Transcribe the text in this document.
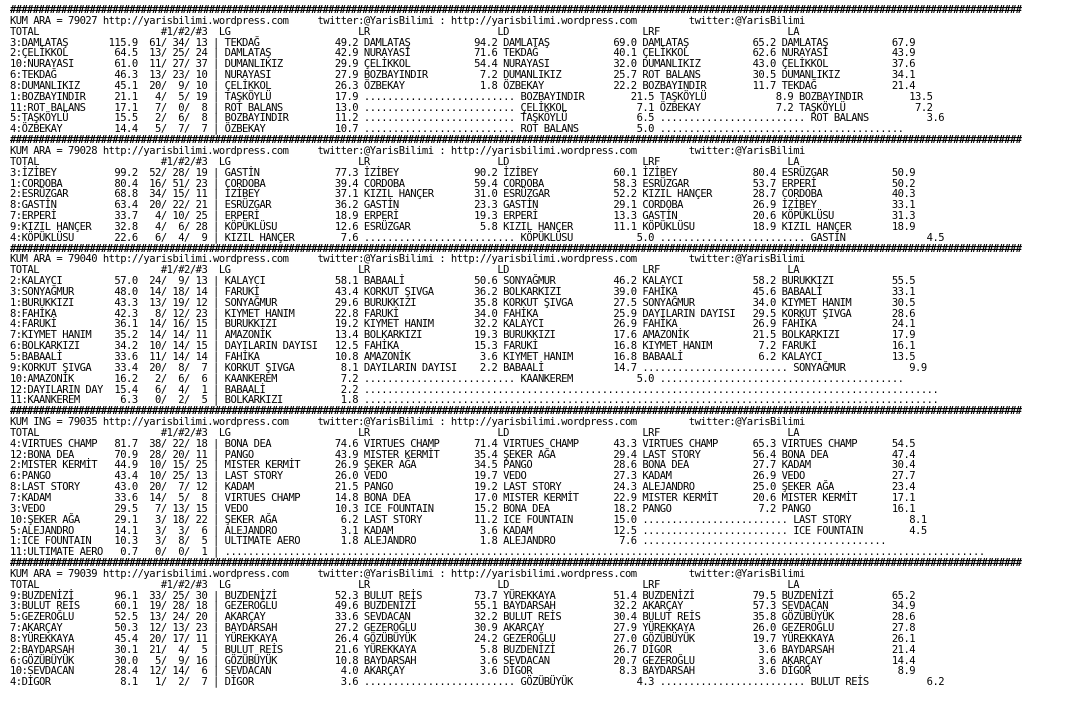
##################################################################################################################################################################################
KUM ARA = 79027 http://yarisbilimi.wordpress.com     twitter:@YarisBilimi : http://yarisbilimi.wordpress.com         twitter:@YarisBilimi
TOTAL                     #1/#2/#3  LG                      LR                      LD                       LRF                      LA
3:DAMLATAŞ       115.9  61/ 34/ 13 | TEKDAĞ             49.2 DAMLATAŞ           94.2 DAMLATAŞ           69.0 DAMLATAŞ           65.2 DAMLATAŞ           67.9
2:ÇELİKKOL        64.5  13/ 25/ 24 | DAMLATAŞ           42.9 NURAYASI           71.6 TEKDAĞ             40.1 ÇELİKKOL           62.6 NURAYASI           43.9
10:NURAYASI       61.0  11/ 27/ 37 | DUMANLIKIZ         29.9 ÇELİKKOL           54.4 NURAYASI           32.0 DUMANLIKIZ         43.0 ÇELİKKOL           37.6
6:TEKDAĞ          46.3  13/ 23/ 10 | NURAYASI           27.9 BOZBAYINDIR         7.2 DUMANLIKIZ         25.7 ROT BALANS         30.5 DUMANLIKIZ         34.1
8:DUMANLIKIZ      45.1  20/  9/ 10 | ÇELİKKOL           26.3 ÖZBEKAY             1.8 ÖZBEKAY            22.2 BOZBAYINDIR        11.7 TEKDAĞ             21.4
1:BOZBAYINDIR     21.1   4/  5/ 19 | TAŞKÖYLÜ           17.9 .......................... BOZBAYINDIR        21.5 TAŞKÖYLÜ            8.9 BOZBAYINDIR        13.5
11:ROT BALANS     17.1   7/  0/  8 | ROT BALANS         13.0 .......................... ÇELİKKOL            7.1 ÖZBEKAY             7.2 TAŞKÖYLÜ            7.2
5:TAŞKÖYLÜ        15.5   2/  6/  8 | BOZBAYINDIR        11.2 .......................... TAŞKÖYLÜ            6.5 ......................... ROT BALANS          3.6
4:ÖZBEKAY         14.4   5/  7/  7 | ÖZBEKAY            10.7 .......................... ROT BALANS          5.0 ..........................................
##################################################################################################################################################################################
KUM ARA = 79028 http://yarisbilimi.wordpress.com     twitter:@YarisBilimi : http://yarisbilimi.wordpress.com         twitter:@YarisBilimi
TOTAL                     #1/#2/#3  LG                      LR                      LD                       LRF                      LA
3:İZİBEY          99.2  52/ 28/ 19 | GASTİN             77.3 İZİBEY             90.2 İZİBEY             60.1 İZİBEY             80.4 ESRÜZGAR           50.9
1:CORDOBA         80.4  16/ 51/ 23 | CORDOBA            39.4 CORDOBA            59.4 CORDOBA            58.3 ESRÜZGAR           53.7 ERPERİ             50.2
2:ESRÜZGAR        68.8  34/ 15/ 11 | İZİBEY             37.1 KIZIL HANÇER       31.0 ESRÜZGAR           52.2 KIZIL HANÇER       28.7 CORDOBA            40.3
8:GASTİN          63.4  20/ 22/ 21 | ESRÜZGAR           36.2 GASTİN             23.3 GASTİN             29.1 CORDOBA            26.9 İZİBEY             33.1
7:ERPERİ          33.7   4/ 10/ 25 | ERPERİ             18.9 ERPERİ             19.3 ERPERİ             13.3 GASTİN             20.6 KÖPÜKLÜSU          31.3
9:KIZIL HANÇER    32.8   4/  6/ 28 | KÖPÜKLÜSU          12.6 ESRÜZGAR            5.8 KIZIL HANÇER       11.1 KÖPÜKLÜSU          18.9 KIZIL HANÇER       18.9
4:KÖPÜKLÜSU       22.6   6/  4/  9 | KIZIL HANÇER        7.6 .......................... KÖPÜKLÜSU           5.0 ......................... GASTİN              4.5
##################################################################################################################################################################################
KUM ARA = 79040 http://yarisbilimi.wordpress.com     twitter:@YarisBilimi : http://yarisbilimi.wordpress.com         twitter:@YarisBilimi
TOTAL                     #1/#2/#3  LG                      LR                      LD                       LRF                      LA
2:KALAYCI         57.0  24/  9/ 13 | KALAYCI            58.1 BABAALİ            50.6 SONYAĞMUR          46.2 KALAYCI            58.2 BURUKKIZI          55.5
3:SONYAĞMUR       48.0  14/ 18/ 14 | FARUKİ             43.4 KORKUT ŞIVGA       36.2 BOLKARKIZI         39.0 FAHİKA             45.6 BABAALİ            33.1
1:BURUKKIZI       43.3  13/ 19/ 12 | SONYAĞMUR          29.6 BURUKKIZI          35.8 KORKUT ŞIVGA       27.5 SONYAĞMUR          34.0 KIYMET HANIM       30.5
8:FAHİKA          42.3   8/ 12/ 23 | KIYMET HANIM       22.8 FARUKİ             34.0 FAHİKA             25.9 DAYILARIN DAYISI   29.5 KORKUT ŞIVGA       28.6
4:FARUKİ          36.1  14/ 16/ 15 | BURUKKIZI          19.2 KIYMET HANIM       32.2 KALAYCI            26.9 FAHİKA             26.9 FAHİKA             24.1
7:KIYMET HANIM    35.2  14/ 14/ 11 | AMAZONİK           13.4 BOLKARKIZI         19.3 BURUKKIZI          17.6 AMAZONİK           21.5 BOLKARKIZI         17.9
6:BOLKARKIZI      34.2  10/ 14/ 15 | DAYILARIN DAYISI   12.5 FAHİKA             15.3 FARUKİ             16.8 KIYMET HANIM        7.2 FARUKİ             16.1
5:BABAALİ         33.6  11/ 14/ 14 | FAHİKA             10.8 AMAZONİK            3.6 KIYMET HANIM       16.8 BABAALİ             6.2 KALAYCI            13.5
9:KORKUT ŞIVGA    33.4  20/  8/  7 | KORKUT ŞIVGA        8.1 DAYILARIN DAYISI    2.2 BABAALİ            14.7 ......................... SONYAĞMUR           9.9
10:AMAZONİK       16.2   2/  6/  6 | KAANKEREM           7.2 .......................... KAANKEREM           5.0 ..........................................
12:DAYILARIN DAY  15.4   6/  4/  1 | BABAALİ             2.2 ...................................................................................................
11:KAANKEREM       6.3   0/  2/  5 | BOLKARKIZI          1.8 ...................................................................................................
##################################################################################################################################################################################
KUM ING = 79035 http://yarisbilimi.wordpress.com     twitter:@YarisBilimi : http://yarisbilimi.wordpress.com         twitter:@YarisBilimi
TOTAL                     #1/#2/#3  LG                      LR                      LD                       LRF                      LA
4:VIRTUES CHAMP   81.7  38/ 22/ 18 | BONA DEA           74.6 VIRTUES CHAMP      71.4 VIRTUES CHAMP      43.3 VIRTUES CHAMP      65.3 VIRTUES CHAMP      54.5
12:BONA DEA       70.9  28/ 20/ 11 | PANGO              43.9 MISTER KERMİT      35.4 ŞEKER AĞA          29.4 LAST STORY         56.4 BONA DEA           47.4
2:MISTER KERMİT   44.9  10/ 15/ 25 | MISTER KERMİT      26.9 ŞEKER AĞA          34.5 PANGO              28.6 BONA DEA           27.7 KADAM              30.4
6:PANGO           43.4  10/ 25/ 13 | LAST STORY         26.0 VEDO               19.7 VEDO               27.3 KADAM              26.9 VEDO               27.7
8:LAST STORY      43.0  20/  7/ 12 | KADAM              21.5 PANGO              19.2 LAST STORY         24.3 ALEJANDRO          25.0 ŞEKER AĞA          23.4
7:KADAM           33.6  14/  5/  8 | VIRTUES CHAMP      14.8 BONA DEA           17.0 MISTER KERMİT      22.9 MISTER KERMİT      20.6 MISTER KERMİT      17.1
3:VEDO            29.5   7/ 13/ 15 | VEDO               10.3 ICE FOUNTAIN       15.2 BONA DEA           18.2 PANGO               7.2 PANGO              16.1
10:ŞEKER AĞA      29.1   3/ 18/ 22 | ŞEKER AĞA           6.2 LAST STORY         11.2 ICE FOUNTAIN       15.0 ......................... LAST STORY          8.1
5:ALEJANDRO       14.1   3/  3/  6 | ALEJANDRO           3.1 KADAM               3.6 KADAM              12.5 ......................... ICE FOUNTAIN        4.5
1:ICE FOUNTAIN    10.3   3/  8/  5 | ULTIMATE AERO       1.8 ALEJANDRO           1.8 ALEJANDRO           7.6 ..........................................
11:ULTIMATE AERO   0.7   0/  0/  1 | ...................................................................................................................................
##################################################################################################################################################################################
KUM ARA = 79039 http://yarisbilimi.wordpress.com     twitter:@YarisBilimi : http://yarisbilimi.wordpress.com         twitter:@YarisBilimi
TOTAL                     #1/#2/#3  LG                      LR                      LD                       LRF                      LA
9:BUZDENİZİ       96.1  33/ 25/ 30 | BUZDENİZİ          52.3 BULUT REİS         73.7 YÜREKKAYA          51.4 BUZDENİZİ          79.5 BUZDENİZİ          65.2
3:BULUT REİS      60.1  19/ 28/ 18 | GEZEROĞLU          49.6 BUZDENİZİ          55.1 BAYDARSAH          32.2 AKARÇAY            57.3 SEVDACAN           34.9
5:GEZEROĞLU       52.5  13/ 24/ 20 | AKARÇAY            33.6 SEVDACAN           32.2 BULUT REİS         30.4 BULUT REİS         35.8 GÖZÜBÜYÜK          28.6
7:AKARÇAY         50.3  12/ 13/ 23 | BAYDARSAH          27.2 GEZEROĞLU          30.9 AKARÇAY            27.9 YÜREKKAYA          26.0 GEZEROĞLU          27.8
8:YÜREKKAYA       45.4  20/ 17/ 11 | YÜREKKAYA          26.4 GÖZÜBÜYÜK          24.2 GEZEROĞLU          27.0 GÖZÜBÜYÜK          19.7 YÜREKKAYA          26.1
2:BAYDARSAH       30.1  21/  4/  5 | BULUT REİS         21.6 YÜREKKAYA           5.8 BUZDENİZİ          26.7 DİGOR               3.6 BAYDARSAH          21.4
6:GÖZÜBÜYÜK       30.0   5/  9/ 16 | GÖZÜBÜYÜK          10.8 BAYDARSAH           3.6 SEVDACAN           20.7 GEZEROĞLU           3.6 AKARÇAY            14.4
10:SEVDACAN       28.4  12/ 14/  6 | SEVDACAN            4.0 AKARÇAY             3.6 DİGOR               8.3 BAYDARSAH           3.6 DİGOR               8.9
4:DİGOR            8.1   1/  2/  7 | DİGOR               3.6 .......................... GÖZÜBÜYÜK           4.3 ......................... BULUT REİS          6.2
